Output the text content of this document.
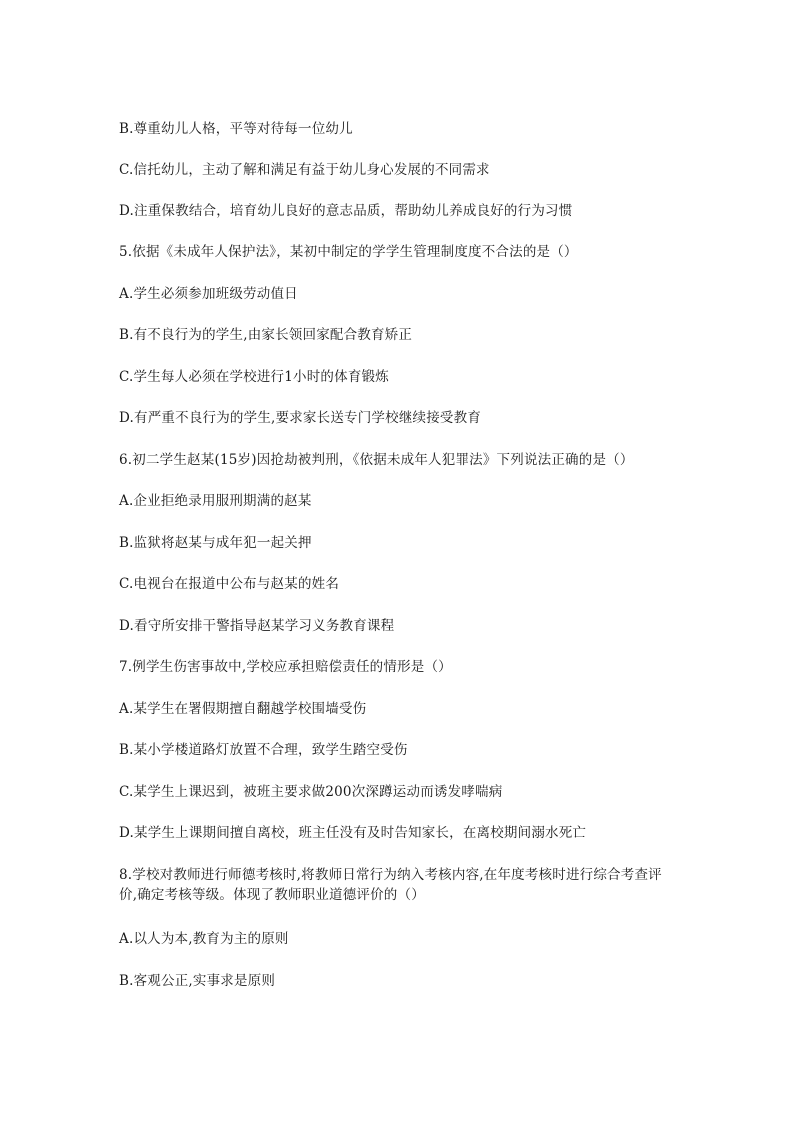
B.尊重幼儿人格，平等对待每一位幼儿
C.信托幼儿，主动了解和满足有益于幼儿身心发展的不同需求
D.注重保教结合，培育幼儿良好的意志品质，帮助幼儿养成良好的行为习惯
5.依据《未成年人保护法》，某初中制定的学学生管理制度度不合法的是（）
A.学生必须参加班级劳动值日
B.有不良行为的学生,由家长领回家配合教育矫正
C.学生每人必须在学校进行1小时的体育锻炼
D.有严重不良行为的学生,要求家长送专门学校继续接受教育
6.初二学生赵某(15岁)因抢劫被判刑，《依据未成年人犯罪法》下列说法正确的是（）
A.企业拒绝录用服刑期满的赵某
B.监狱将赵某与成年犯一起关押
C.电视台在报道中公布与赵某的姓名
D.看守所安排干警指导赵某学习义务教育课程
7.例学生伤害事故中,学校应承担赔偿责任的情形是（）
A.某学生在署假期擅自翻越学校围墙受伤
B.某小学楼道路灯放置不合理，致学生踏空受伤
C.某学生上课迟到，被班主要求做200次深蹲运动而诱发哮喘病
D.某学生上课期间擅自离校，班主任没有及时告知家长，在离校期间溺水死亡
8.学校对教师进行师德考核时,将教师日常行为纳入考核内容,在年度考核时进行综合考查评价,确定考核等级。体现了教师职业道德评价的（）
A.以人为本,教育为主的原则
B.客观公正,实事求是原则
